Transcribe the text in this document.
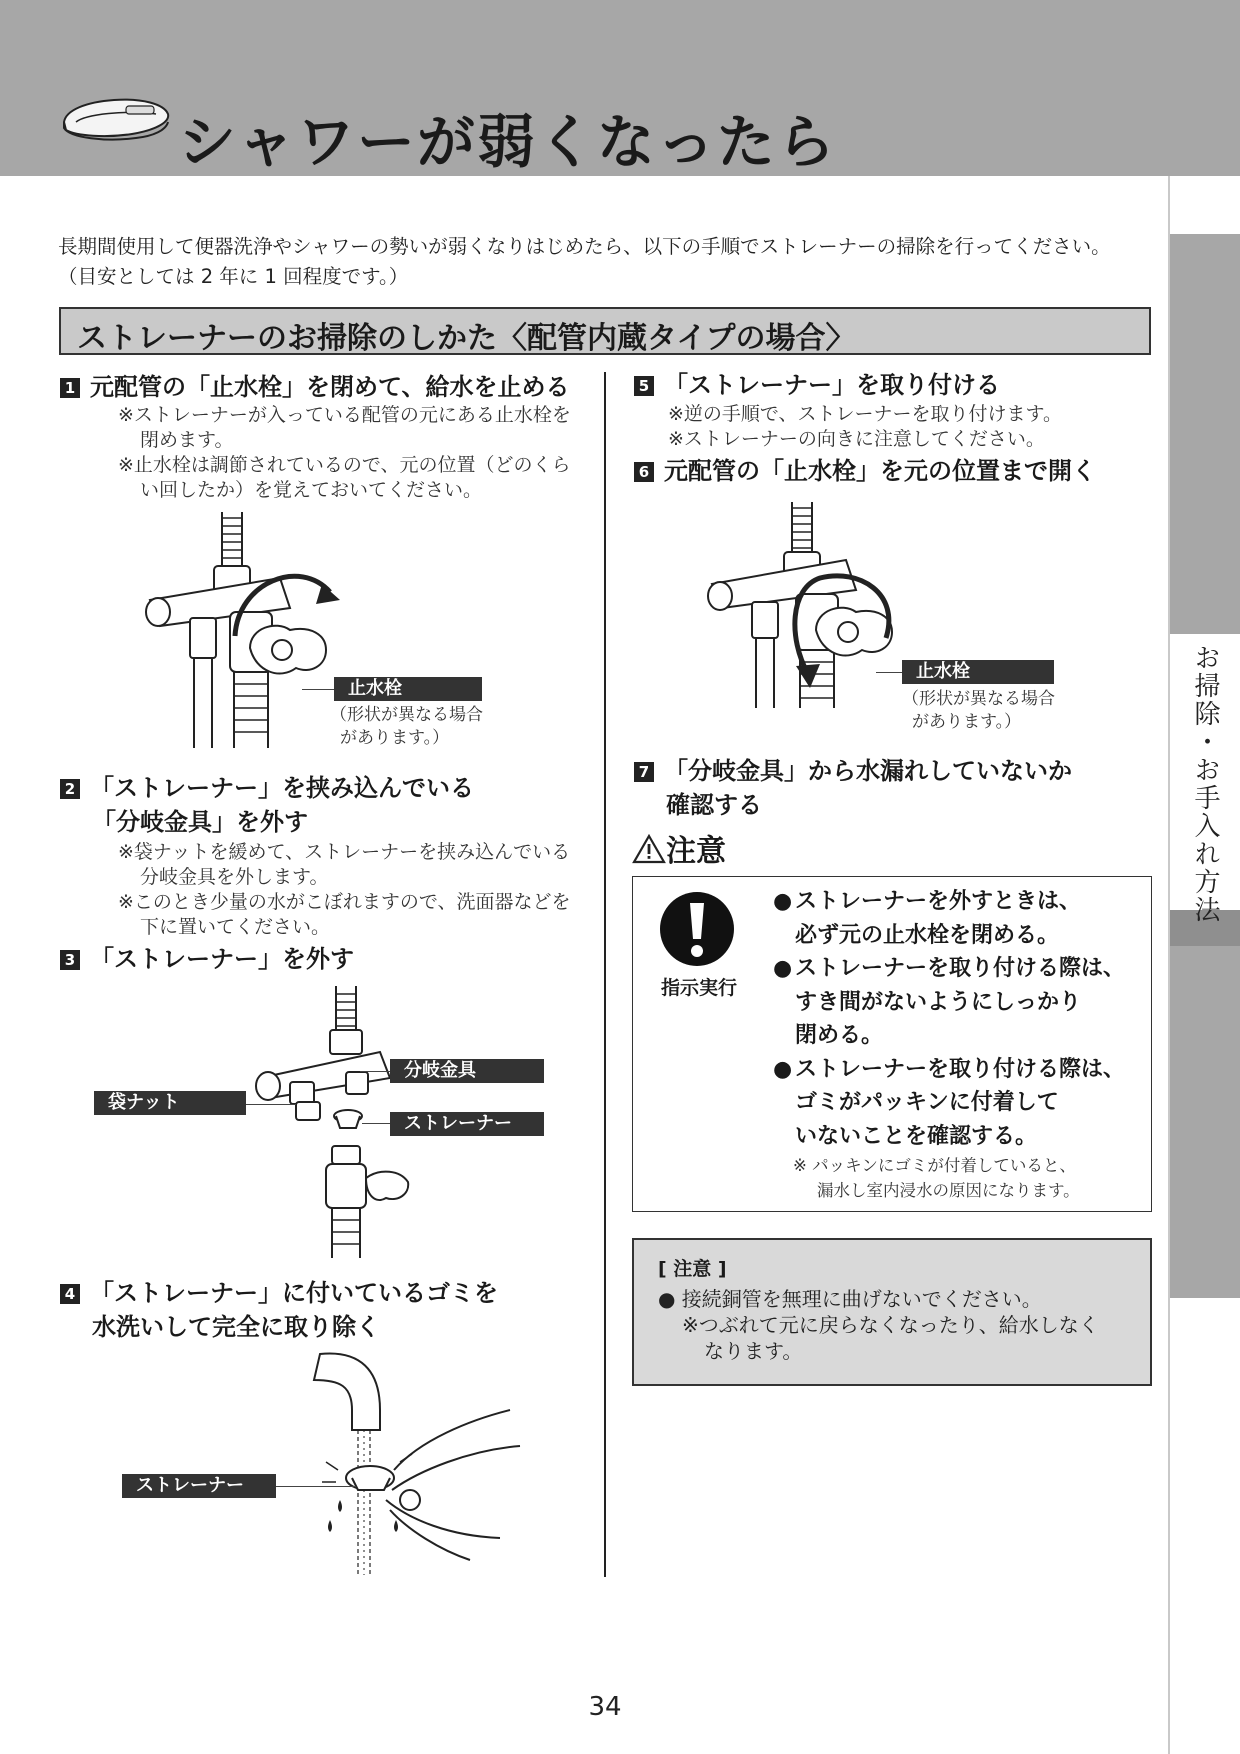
シャワーが弱くなったら
お掃除・お手入れ方法

長期間使用して便器洗浄やシャワーの勢いが弱くなりはじめたら、以下の手順でストレーナーの掃除を行ってください。

（目安としては 2 年に 1 回程度です。）

ストレーナーのお掃除のしかた〈配管内蔵タイプの場合〉
1 元配管の「止水栓」を閉めて、給水を止める

※ストレーナーが入っている配管の元にある止水栓を閉めます。

※止水栓は調節されているので、元の位置（どのくらい回したか）を覚えておいてください。

止水栓
（形状が異なる場合
があります。）
2 「ストレーナー」を挟み込んでいる
「分岐金具」を外す

※袋ナットを緩めて、ストレーナーを挟み込んでいる分岐金具を外します。

※このとき少量の水がこぼれますので、洗面器などを下に置いてください。

3 「ストレーナー」を外す
分岐金具
袋ナット
ストレーナー
4 「ストレーナー」に付いているゴミを
水洗いして完全に取り除く
ストレーナー
5 「ストレーナー」を取り付ける

※逆の手順で、ストレーナーを取り付けます。

※ストレーナーの向きに注意してください。

6 元配管の「止水栓」を元の位置まで開く
止水栓
（形状が異なる場合
があります。）
7 「分岐金具」から水漏れしていないか
確認する
注意
指示実行
● ストレーナーを外すときは、
必ず元の止水栓を閉める。
● ストレーナーを取り付ける際は、
すき間がないようにしっかり
閉める。
● ストレーナーを取り付ける際は、
ゴミがパッキンに付着して
いないことを確認する。

※ パッキンにゴミが付着していると、

漏水し室内浸水の原因になります。

[ 注意 ]

● 接続銅管を無理に曲げないでください。

※つぶれて元に戻らなくなったり、給水しなく

なります。

34
